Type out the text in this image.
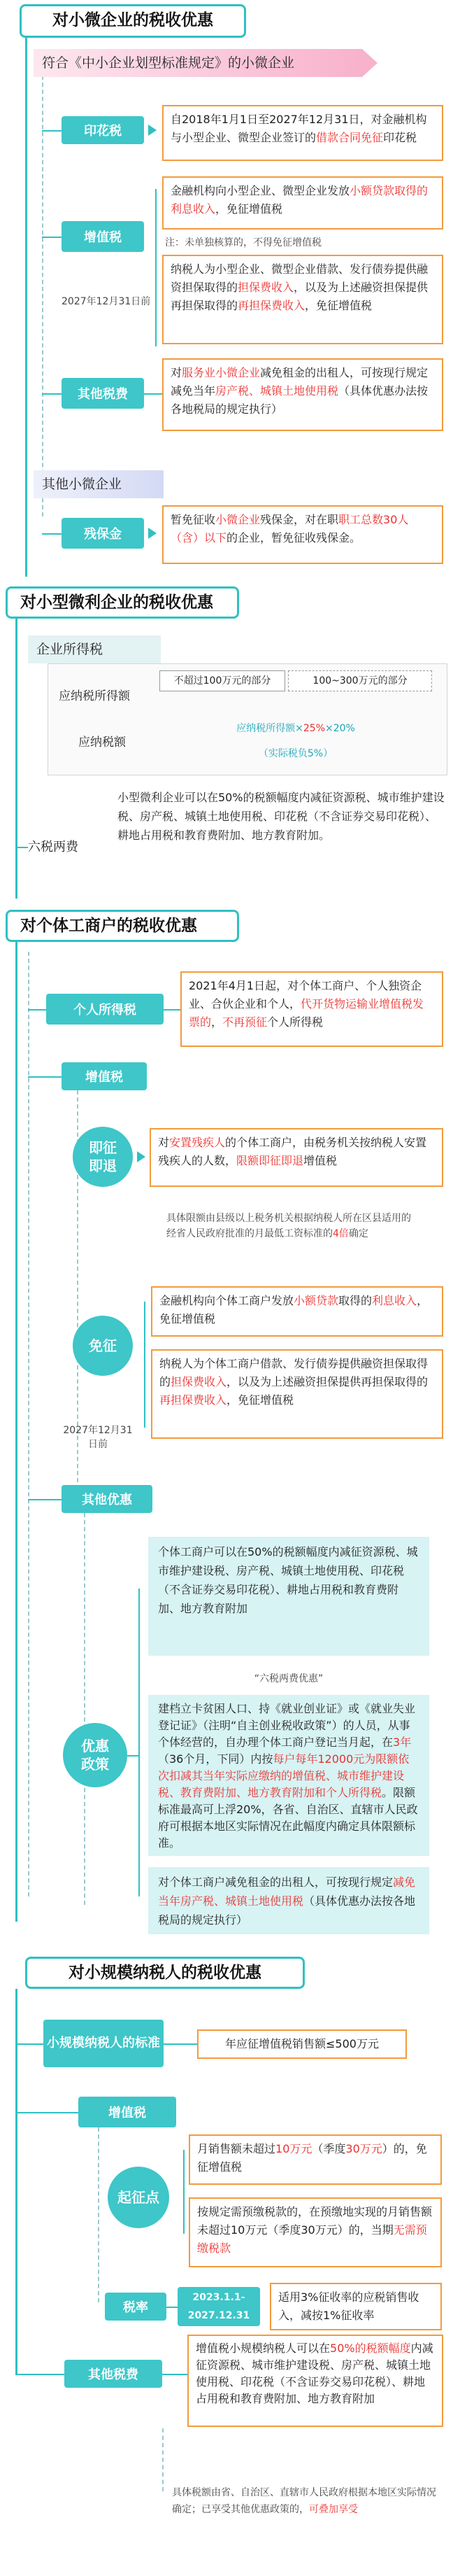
对小微企业的税收优惠
符合《中小企业划型标准规定》的小微企业
印花税
自2018年1月1日至2027年12月31日，对金融机构与小型企业、微型企业签订的借款合同免征印花税
增值税
2027年12月31日前
金融机构向小型企业、微型企业发放小额贷款取得的利息收入，免征增值税
注：未单独核算的，不得免征增值税
纳税人为小型企业、微型企业借款、发行债券提供融资担保取得的担保费收入，以及为上述融资担保提供再担保取得的再担保费收入，免征增值税
其他税费
对服务业小微企业减免租金的出租人，可按现行规定减免当年房产税、城镇土地使用税（具体优惠办法按各地税局的规定执行）
其他小微企业
残保金
暂免征收小微企业残保金，对在职职工总数30人（含）以下的企业，暂免征收残保金。
对小型微利企业的税收优惠
企业所得税
应纳税所得额
不超过100万元的部分	100~300万元的部分
应纳税额
应纳税所得额×25%×20%
（实际税负5%）
六税两费
小型微利企业可以在50%的税额幅度内减征资源税、城市维护建设税、房产税、城镇土地使用税、印花税（不含证券交易印花税）、耕地占用税和教育费附加、地方教育附加。
对个体工商户的税收优惠
个人所得税
2021年4月1日起，对个体工商户、个人独资企业、合伙企业和个人，代开货物运输业增值税发票的，不再预征个人所得税
增值税
即征即退
对安置残疾人的个体工商户，由税务机关按纳税人安置残疾人的人数，限额即征即退增值税
具体限额由县级以上税务机关根据纳税人所在区县适用的经省人民政府批准的月最低工资标准的4倍确定
免征
2027年12月31日前
金融机构向个体工商户发放小额贷款取得的利息收入，免征增值税
纳税人为个体工商户借款、发行债券提供融资担保取得的担保费收入，以及为上述融资担保提供再担保取得的再担保费收入，免征增值税
其他优惠
个体工商户可以在50%的税额幅度内减征资源税、城市维护建设税、房产税、城镇土地使用税、印花税（不含证券交易印花税）、耕地占用税和教育费附加、地方教育附加
“六税两费优惠”
优惠政策
建档立卡贫困人口、持《就业创业证》或《就业失业登记证》（注明“自主创业税收政策”）的人员，从事个体经营的，自办理个体工商户登记当月起，在3年（36个月，下同）内按每户每年12000元为限额依次扣减其当年实际应缴纳的增值税、城市维护建设税、教育费附加、地方教育附加和个人所得税。限额标准最高可上浮20%，各省、自治区、直辖市人民政府可根据本地区实际情况在此幅度内确定具体限额标准。
对个体工商户减免租金的出租人，可按现行规定减免当年房产税、城镇土地使用税（具体优惠办法按各地税局的规定执行）
对小规模纳税人的税收优惠
小规模纳税人的标准	年应征增值税销售额≤500万元
增值税
起征点
月销售额未超过10万元（季度30万元）的，免征增值税
按规定需预缴税款的，在预缴地实现的月销售额未超过10万元（季度30万元）的，当期无需预缴税款
税率
2023.1.1-2027.12.31
适用3%征收率的应税销售收入，减按1%征收率
其他税费
增值税小规模纳税人可以在50%的税额幅度内减征资源税、城市维护建设税、房产税、城镇土地使用税、印花税（不含证券交易印花税）、耕地占用税和教育费附加、地方教育附加
具体税额由省、自治区、直辖市人民政府根据本地区实际情况确定；已享受其他优惠政策的，可叠加享受
